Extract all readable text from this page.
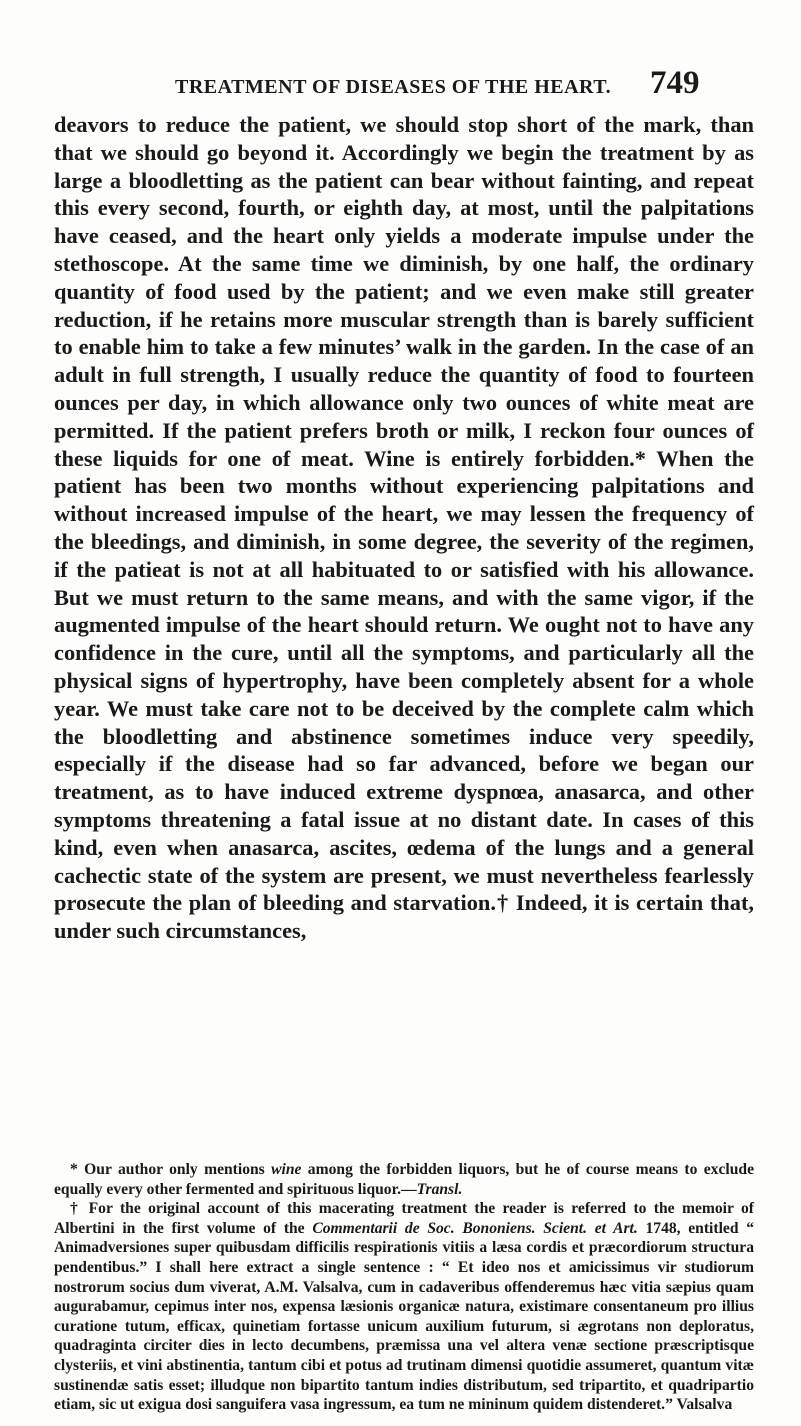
TREATMENT OF DISEASES OF THE HEART. 749

deavors to reduce the patient, we should stop short of the mark, than that we should go beyond it. Accordingly we begin the treatment by as large a bloodletting as the patient can bear without fainting, and repeat this every second, fourth, or eighth day, at most, until the palpitations have ceased, and the heart only yields a moderate impulse under the stethoscope. At the same time we diminish, by one half, the ordinary quantity of food used by the patient; and we even make still greater reduction, if he retains more muscular strength than is barely sufficient to enable him to take a few minutes’ walk in the garden. In the case of an adult in full strength, I usually reduce the quantity of food to fourteen ounces per day, in which allowance only two ounces of white meat are permitted. If the patient prefers broth or milk, I reckon four ounces of these liquids for one of meat. Wine is entirely forbidden.* When the patient has been two months without experiencing palpitations and without increased impulse of the heart, we may lessen the frequency of the bleedings, and diminish, in some degree, the severity of the regimen, if the patieat is not at all habituated to or satisfied with his allowance. But we must return to the same means, and with the same vigor, if the augmented impulse of the heart should return. We ought not to have any confidence in the cure, until all the symptoms, and particularly all the physical signs of hypertrophy, have been completely absent for a whole year. We must take care not to be deceived by the complete calm which the bloodletting and abstinence sometimes induce very speedily, especially if the disease had so far advanced, before we began our treatment, as to have induced extreme dyspnœa, anasarca, and other symptoms threatening a fatal issue at no distant date. In cases of this kind, even when anasarca, ascites, œdema of the lungs and a general cachectic state of the system are present, we must nevertheless fearlessly prosecute the plan of bleeding and starvation.† Indeed, it is certain that, under such circumstances,

* Our author only mentions wine among the forbidden liquors, but he of course means to exclude equally every other fermented and spirituous liquor.—Transl.

† For the original account of this macerating treatment the reader is referred to the memoir of Albertini in the first volume of the Commentarii de Soc. Bononiens. Scient. et Art. 1748, entitled “ Animadversiones super quibusdam difficilis respirationis vitiis a læsa cordis et præcordiorum structura pendentibus.” I shall here extract a single sentence : “ Et ideo nos et amicissimus vir studiorum nostrorum socius dum viverat, A.M. Valsalva, cum in cadaveribus offenderemus hæc vitia sæpius quam augurabamur, cepimus inter nos, expensa læsionis organicæ natura, existimare consentaneum pro illius curatione tutum, efficax, quinetiam fortasse unicum auxilium futurum, si ægrotans non deploratus, quadraginta circiter dies in lecto decumbens, præmissa una vel altera venæ sectione præscriptisque clysteriis, et vini abstinentia, tantum cibi et potus ad trutinam dimensi quotidie assumeret, quantum vitæ sustinendæ satis esset; illudque non bipartito tantum indies distributum, sed tripartito, et quadripartio etiam, sic ut exigua dosi sanguifera vasa ingressum, ea tum ne mininum quidem distenderet.” Valsalva
